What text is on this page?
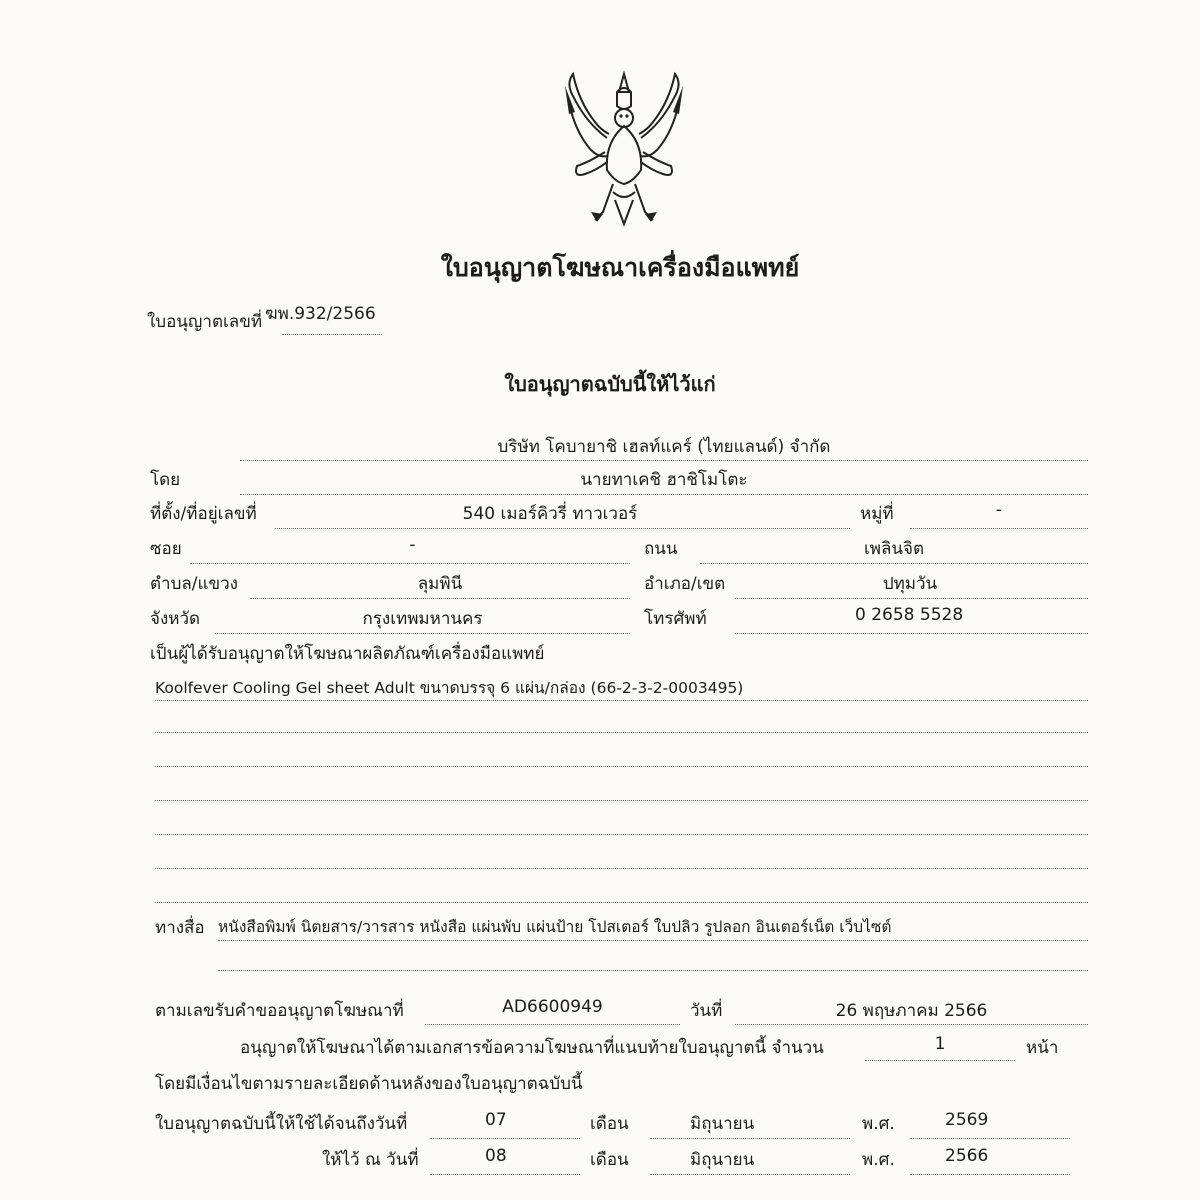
ใบอนุญาตโฆษณาเครื่องมือแพทย์
ใบอนุญาตเลขที่ ฆพ.932/2566
ใบอนุญาตฉบับนี้ให้ไว้แก่
บริษัท โคบายาชิ เฮลท์แคร์ (ไทยแลนด์) จำกัด
โดย	นายทาเคชิ ฮาชิโมโตะ
ที่ตั้ง/ที่อยู่เลขที่	540 เมอร์คิวรี่ ทาวเวอร์	หมู่ที่	-
ซอย	-	ถนน	เพลินจิต
ตำบล/แขวง	ลุมพินี	อำเภอ/เขต	ปทุมวัน
จังหวัด	กรุงเทพมหานคร	โทรศัพท์	0 2658 5528
เป็นผู้ได้รับอนุญาตให้โฆษณาผลิตภัณฑ์เครื่องมือแพทย์
Koolfever Cooling Gel sheet Adult ขนาดบรรจุ 6 แผ่น/กล่อง (66-2-3-2-0003495)
ทางสื่อ หนังสือพิมพ์ นิตยสาร/วารสาร หนังสือ แผ่นพับ แผ่นป้าย โปสเตอร์ ใบปลิว รูปลอก อินเตอร์เน็ต เว็บไซต์
ตามเลขรับคำขออนุญาตโฆษณาที่	AD6600949	วันที่	26 พฤษภาคม 2566
อนุญาตให้โฆษณาได้ตามเอกสารข้อความโฆษณาที่แนบท้ายใบอนุญาตนี้ จำนวน	1	หน้า
โดยมีเงื่อนไขตามรายละเอียดด้านหลังของใบอนุญาตฉบับนี้
ใบอนุญาตฉบับนี้ให้ใช้ได้จนถึงวันที่	07	เดือน	มิถุนายน	พ.ศ.	2569
ให้ไว้ ณ วันที่	08	เดือน	มิถุนายน	พ.ศ.	2566
